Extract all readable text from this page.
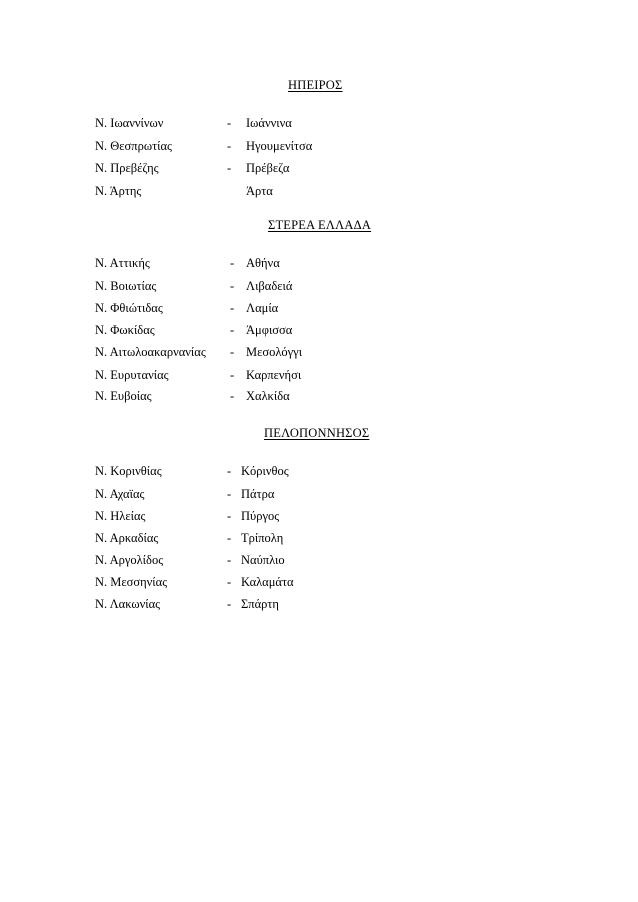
ΗΠΕΙΡΟΣ
Ν. Ιωαννίνων	- Ιωάννινα
Ν. Θεσπρωτίας	- Ηγουμενίτσα
Ν. Πρεβέζης	- Πρέβεζα
Ν. Άρτης	Άρτα
ΣΤΕΡΕΑ ΕΛΛΑΔΑ
Ν. Αττικής	- Αθήνα
Ν. Βοιωτίας	- Λιβαδειά
Ν. Φθιώτιδας	- Λαμία
Ν. Φωκίδας	- Άμφισσα
Ν. Αιτωλοακαρνανίας - Μεσολόγγι
Ν. Ευρυτανίας	- Καρπενήσι
Ν. Ευβοίας	- Χαλκίδα
ΠΕΛΟΠΟΝΝΗΣΟΣ
Ν. Κορινθίας	- Κόρινθος
Ν. Αχαϊας	- Πάτρα
Ν. Ηλείας	- Πύργος
Ν. Αρκαδίας	- Τρίπολη
Ν. Αργολίδος	- Ναύπλιο
Ν. Μεσσηνίας	- Καλαμάτα
Ν. Λακωνίας	- Σπάρτη
